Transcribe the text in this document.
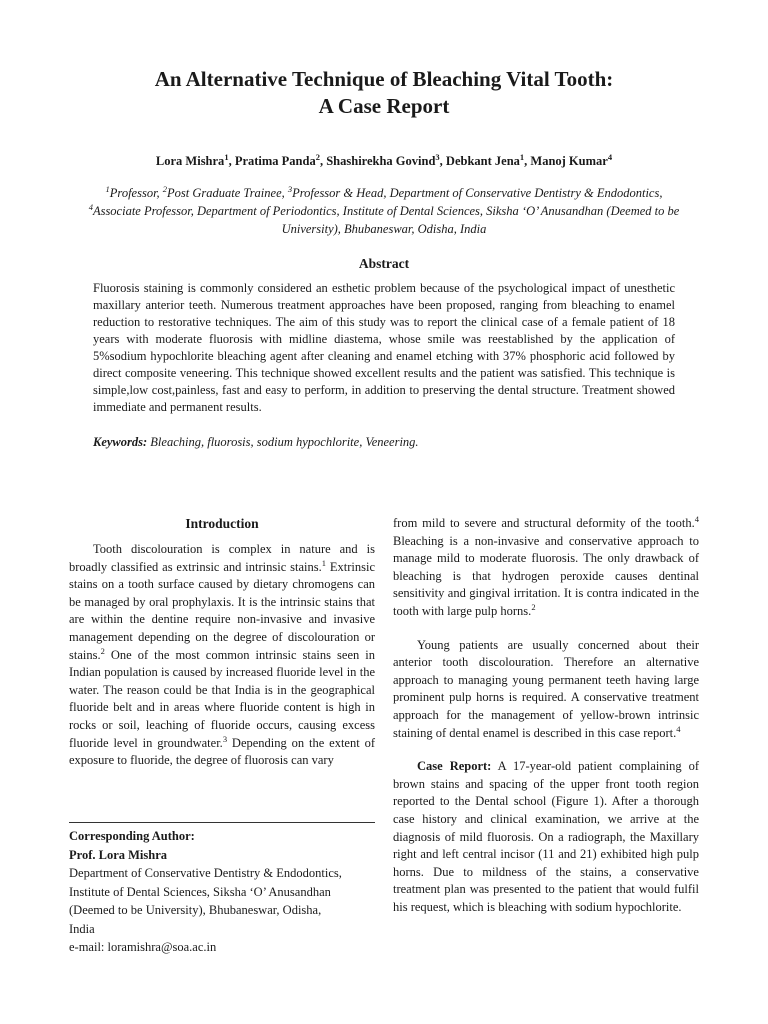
An Alternative Technique of Bleaching Vital Tooth:
A Case Report
Lora Mishra$^1$, Pratima Panda$^2$, Shashirekha Govind$^3$, Debkant Jena$^1$, Manoj Kumar$^4$
$^1$Professor, $^2$Post Graduate Trainee, $^3$Professor & Head, Department of Conservative Dentistry & Endodontics,
$^4$Associate Professor, Department of Periodontics, Institute of Dental Sciences, Siksha ‘O’ Anusandhan (Deemed to be University), Bhubaneswar, Odisha, India
Abstract

Fluorosis staining is commonly considered an esthetic problem because of the psychological impact of unesthetic maxillary anterior teeth. Numerous treatment approaches have been proposed, ranging from bleaching to enamel reduction to restorative techniques. The aim of this study was to report the clinical case of a female patient of 18 years with moderate fluorosis with midline diastema, whose smile was reestablished by the application of 5%sodium hypochlorite bleaching agent after cleaning and enamel etching with 37% phosphoric acid followed by direct composite veneering. This technique showed excellent results and the patient was satisfied. This technique is simple,low cost,painless, fast and easy to perform, in addition to preserving the dental structure. Treatment showed immediate and permanent results.

Keywords: Bleaching, fluorosis, sodium hypochlorite, Veneering.
Introduction

Tooth discolouration is complex in nature and is broadly classified as extrinsic and intrinsic stains.$^1$ Extrinsic stains on a tooth surface caused by dietary chromogens can be managed by oral prophylaxis. It is the intrinsic stains that are within the dentine require non-invasive and invasive management depending on the degree of discolouration or stains.$^2$ One of the most common intrinsic stains seen in Indian population is caused by increased fluoride level in the water. The reason could be that India is in the geographical fluoride belt and in areas where fluoride content is high in rocks or soil, leaching of fluoride occurs, causing excess fluoride level in groundwater.$^3$ Depending on the extent of exposure to fluoride, the degree of fluorosis can vary

Corresponding Author:
Prof. Lora Mishra
Department of Conservative Dentistry & Endodontics,
Institute of Dental Sciences, Siksha ‘O’ Anusandhan
(Deemed to be University), Bhubaneswar, Odisha,
India
e-mail: loramishra@soa.ac.in

from mild to severe and structural deformity of the tooth.$^4$ Bleaching is a non-invasive and conservative approach to manage mild to moderate fluorosis. The only drawback of bleaching is that hydrogen peroxide causes dentinal sensitivity and gingival irritation. It is contra indicated in the tooth with large pulp horns.$^2$

Young patients are usually concerned about their anterior tooth discolouration. Therefore an alternative approach to managing young permanent teeth having large prominent pulp horns is required. A conservative treatment approach for the management of yellow-brown intrinsic staining of dental enamel is described in this case report.$^4$

Case Report: A 17-year-old patient complaining of brown stains and spacing of the upper front tooth region reported to the Dental school (Figure 1). After a thorough case history and clinical examination, we arrive at the diagnosis of mild fluorosis. On a radiograph, the Maxillary right and left central incisor (11 and 21) exhibited high pulp horns. Due to mildness of the stains, a conservative treatment plan was presented to the patient that would fulfil his request, which is bleaching with sodium hypochlorite.
